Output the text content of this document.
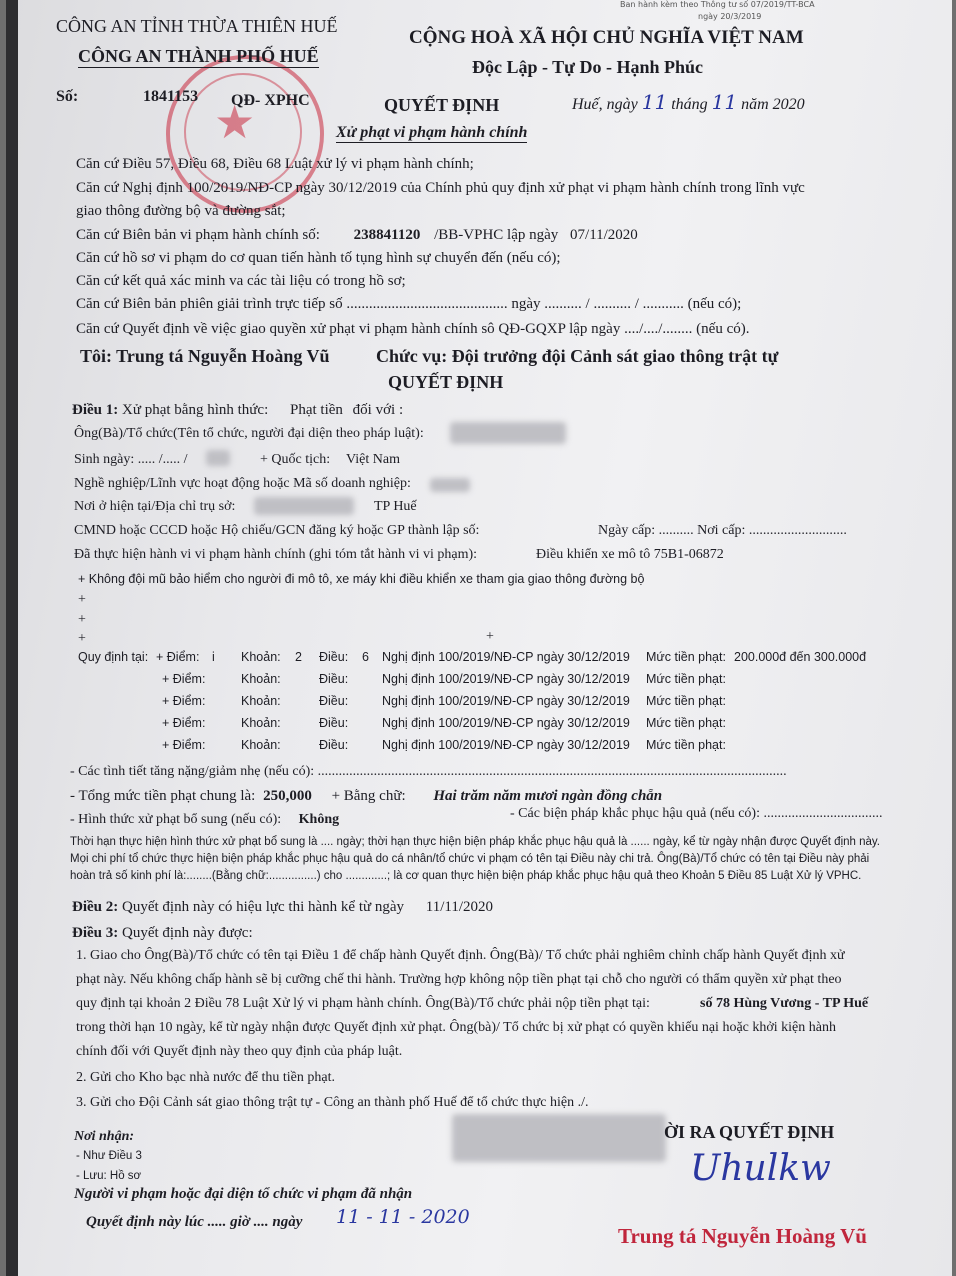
Ban hành kèm theo Thông tư số 07/2019/TT-BCA
ngày 20/3/2019
★
CÔNG AN TỈNH THỪA THIÊN HUẾ
CÔNG AN THÀNH PHỐ HUẾ
Số:	1841153 QĐ- XPHC
CỘNG HOÀ XÃ HỘI CHỦ NGHĨA VIỆT NAM
Độc Lập - Tự Do - Hạnh Phúc
Huế, ngày 11 tháng 11 năm 2020
QUYẾT ĐỊNH
Xử phạt vi phạm hành chính
Căn cứ Điều 57, Điều 68, Điều 68 Luật xử lý vi phạm hành chính;
Căn cứ Nghị định 100/2019/NĐ-CP ngày 30/12/2019 của Chính phủ quy định xử phạt vi phạm hành chính trong lĩnh vực
giao thông đường bộ và đường sắt;
Căn cứ Biên bản vi phạm hành chính số: 238841120 /BB-VPHC lập ngày 07/11/2020
Căn cứ hồ sơ vi phạm do cơ quan tiến hành tố tụng hình sự chuyển đến (nếu có);
Căn cứ kết quả xác minh va các tài liệu có trong hồ sơ;
Căn cứ Biên bản phiên giải trình trực tiếp số ........................................... ngày .......... / .......... / ........... (nếu có);
Căn cứ Quyết định về việc giao quyền xử phạt vi phạm hành chính sô QĐ-GQXP lập ngày ..../..../........ (nếu có).
Tôi: Trung tá Nguyễn Hoàng Vũ	Chức vụ: Đội trưởng đội Cảnh sát giao thông trật tự
QUYẾT ĐỊNH
Điều 1: Xử phạt bằng hình thức: Phạt tiền đối với :
Ông(Bà)/Tổ chức(Tên tổ chức, người đại diện theo pháp luật):
Sinh ngày: ..... /..... /	+ Quốc tịch: Việt Nam
Nghề nghiệp/Lĩnh vực hoạt động hoặc Mã số doanh nghiệp:
Nơi ở hiện tại/Địa chỉ trụ sở:	TP Huế
CMND hoặc CCCD hoặc Hộ chiếu/GCN đăng ký hoặc GP thành lập số:	Ngày cấp: .......... Nơi cấp: ............................
Đã thực hiện hành vi vi phạm hành chính (ghi tóm tắt hành vi vi phạm):	Điều khiển xe mô tô 75B1-06872
+ Không đội mũ bảo hiểm cho người đi mô tô, xe máy khi điều khiển xe tham gia giao thông đường bộ
+
+
+	+
Quy định tại: + Điểm: i Khoản: 2 Điều: 6 Nghị định 100/2019/NĐ-CP ngày 30/12/2019 Mức tiền phạt: 200.000đ đến 300.000đ
+ Điểm:	Khoản:	Điều:	Nghị định 100/2019/NĐ-CP ngày 30/12/2019 Mức tiền phạt:
+ Điểm:	Khoản:	Điều:	Nghị định 100/2019/NĐ-CP ngày 30/12/2019 Mức tiền phạt:
+ Điểm:	Khoản:	Điều:	Nghị định 100/2019/NĐ-CP ngày 30/12/2019 Mức tiền phạt:
+ Điểm:	Khoản:	Điều:	Nghị định 100/2019/NĐ-CP ngày 30/12/2019 Mức tiền phạt:
- Các tình tiết tăng nặng/giảm nhẹ (nếu có): ......................................................................................................................................
- Tổng mức tiền phạt chung là: 250,000 + Bằng chữ: Hai trăm năm mươi ngàn đồng chẵn
- Hình thức xử phạt bổ sung (nếu có): Không	- Các biện pháp khắc phục hậu quả (nếu có): ..................................
Thời hạn thực hiện hình thức xử phạt bổ sung là .... ngày; thời hạn thực hiện biện pháp khắc phục hậu quả là ...... ngày, kể từ ngày nhận được Quyết định này.
Mọi chi phí tổ chức thực hiện biện pháp khắc phục hậu quả do cá nhân/tổ chức vi phạm có tên tại Điều này chi trả. Ông(Bà)/Tổ chức có tên tại Điều này phải
hoàn trả số kinh phí là:........(Bằng chữ:...............) cho .............; là cơ quan thực hiện biện pháp khắc phục hậu quả theo Khoản 5 Điều 85 Luật Xử lý VPHC.
Điều 2: Quyết định này có hiệu lực thi hành kể từ ngày 11/11/2020
Điều 3: Quyết định này được:
1. Giao cho Ông(Bà)/Tổ chức có tên tại Điều 1 để chấp hành Quyết định. Ông(Bà)/ Tổ chức phải nghiêm chỉnh chấp hành Quyết định xử
phạt này. Nếu không chấp hành sẽ bị cưỡng chế thi hành. Trường hợp không nộp tiền phạt tại chỗ cho người có thẩm quyền xử phạt theo
quy định tại khoản 2 Điều 78 Luật Xử lý vi phạm hành chính. Ông(Bà)/Tổ chức phải nộp tiền phạt tại:	số 78 Hùng Vương - TP Huế
trong thời hạn 10 ngày, kể từ ngày nhận được Quyết định xử phạt. Ông(bà)/ Tổ chức bị xử phạt có quyền khiếu nại hoặc khởi kiện hành
chính đối với Quyết định này theo quy định của pháp luật.
2. Gửi cho Kho bạc nhà nước để thu tiền phạt.
3. Gửi cho Đội Cảnh sát giao thông trật tự - Công an thành phố Huế để tổ chức thực hiện ./.
Nơi nhận:
- Như Điều 3
- Lưu: Hồ sơ
ỜI RA QUYẾT ĐỊNH
Uhulkw
Người vi phạm hoặc đại diện tổ chức vi phạm đã nhận
Quyết định này lúc ..... giờ .... ngày 11 - 11 - 2020
Trung tá Nguyễn Hoàng Vũ
